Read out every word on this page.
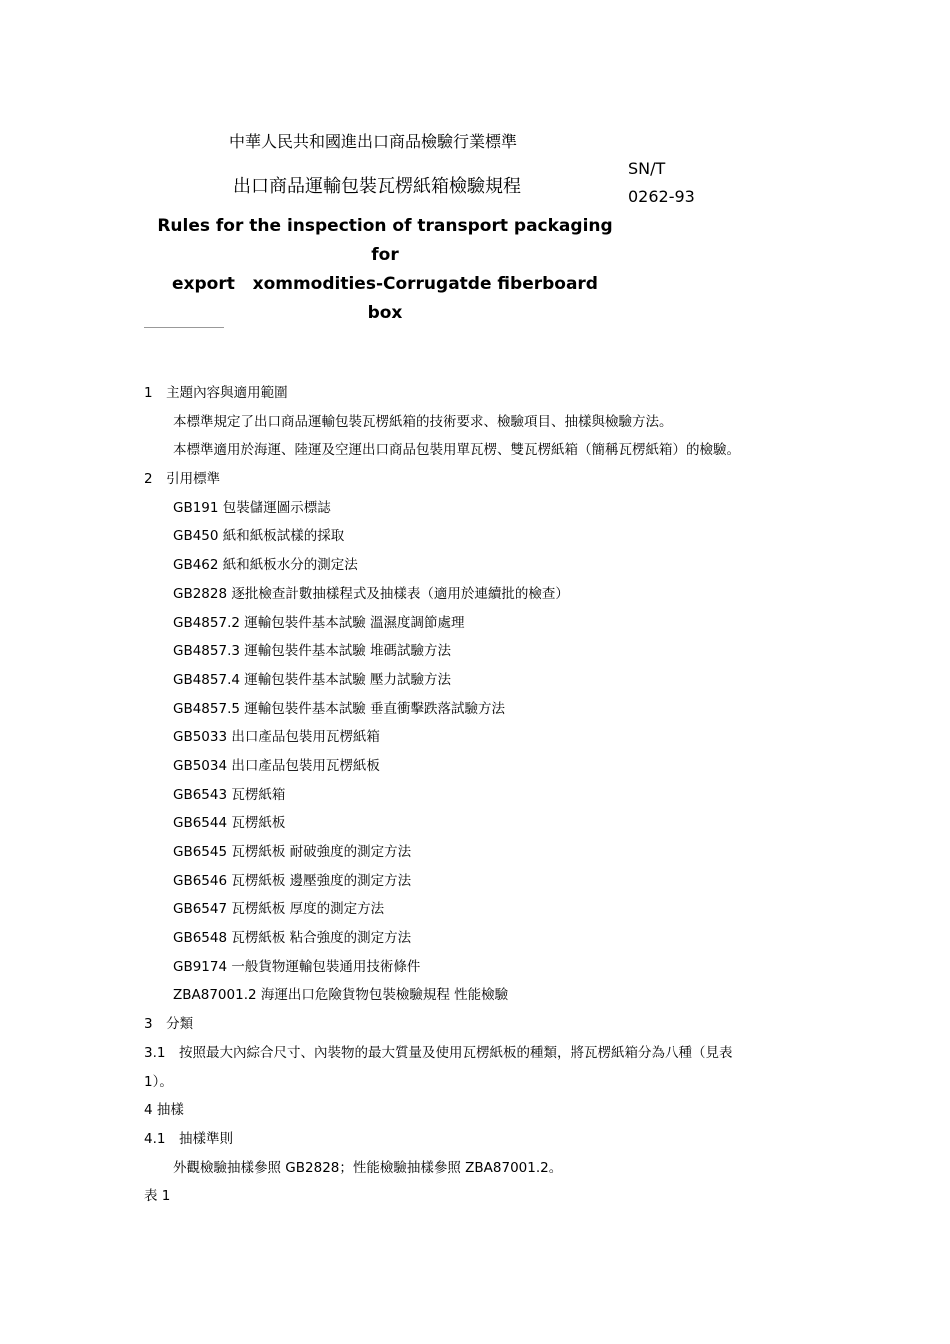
中華人民共和國進出口商品檢驗行業標準
出口商品運輸包裝瓦楞紙箱檢驗規程
SN/T
0262-93
Rules for the inspection of transport packaging
for
export   xommodities-Corrugatde fiberboard
box
1　主題內容與適用範圍
本標準規定了出口商品運輸包裝瓦楞紙箱的技術要求、檢驗項目、抽樣與檢驗方法。
本標準適用於海運、陸運及空運出口商品包裝用單瓦楞、雙瓦楞紙箱（簡稱瓦楞紙箱）的檢驗。
2　引用標準
GB191 包裝儲運圖示標誌
GB450 紙和紙板試樣的採取
GB462 紙和紙板水分的測定法
GB2828 逐批檢查計數抽樣程式及抽樣表（適用於連續批的檢查）
GB4857.2 運輸包裝件基本試驗 溫濕度調節處理
GB4857.3 運輸包裝件基本試驗 堆碼試驗方法
GB4857.4 運輸包裝件基本試驗 壓力試驗方法
GB4857.5 運輸包裝件基本試驗 垂直衝擊跌落試驗方法
GB5033 出口產品包裝用瓦楞紙箱
GB5034 出口產品包裝用瓦楞紙板
GB6543 瓦楞紙箱
GB6544 瓦楞紙板
GB6545 瓦楞紙板 耐破強度的測定方法
GB6546 瓦楞紙板 邊壓強度的測定方法
GB6547 瓦楞紙板 厚度的測定方法
GB6548 瓦楞紙板 粘合強度的測定方法
GB9174 一般貨物運輸包裝通用技術條件
ZBA87001.2 海運出口危險貨物包裝檢驗規程 性能檢驗
3　分類
3.1　按照最大內綜合尺寸、內裝物的最大質量及使用瓦楞紙板的種類，將瓦楞紙箱分為八種（見表
1）。
4 抽樣
4.1　抽樣準則
外觀檢驗抽樣參照 GB2828；性能檢驗抽樣參照 ZBA87001.2。
表 1
